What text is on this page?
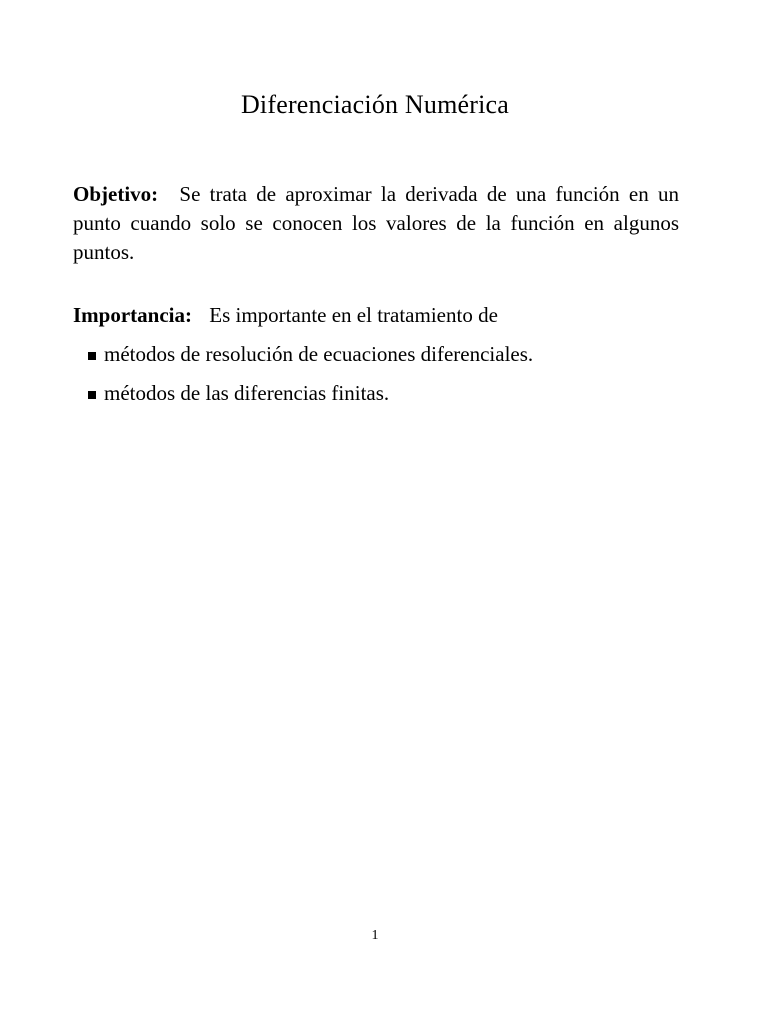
Diferenciación Numérica
Objetivo: Se trata de aproximar la derivada de una función en un punto cuando solo se conocen los valores de la función en algunos puntos.
Importancia: Es importante en el tratamiento de
métodos de resolución de ecuaciones diferenciales.
métodos de las diferencias finitas.
1
